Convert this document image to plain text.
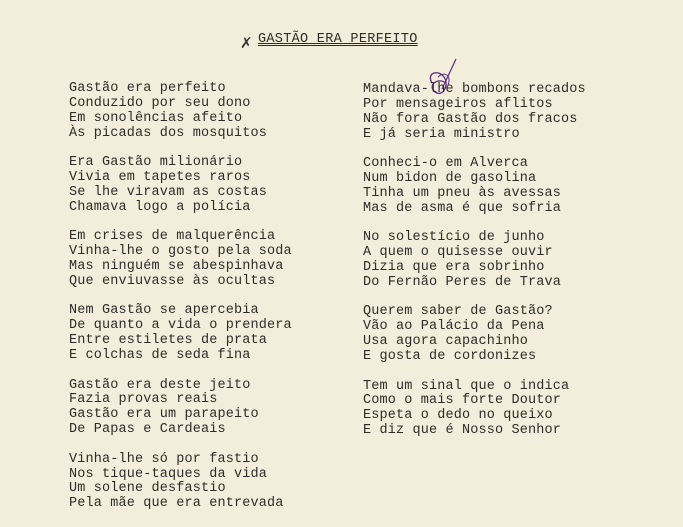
✗ GASTÃO ERA PERFEITO
Gastão era perfeito
Conduzido por seu dono
Em sonolências afeito
Às picadas dos mosquitos
Era Gastão milionário
Vivia em tapetes raros
Se lhe viravam as costas
Chamava logo a polícia
Em crises de malquerência
Vinha-lhe o gosto pela soda
Mas ninguém se abespinhava
Que enviuvasse às ocultas
Nem Gastão se apercebia
De quanto a vida o prendera
Entre estiletes de prata
E colchas de seda fina
Gastão era deste jeito
Fazia provas reais
Gastão era um parapeito
De Papas e Cardeais
Vinha-lhe só por fastio
Nos tique-taques da vida
Um solene desfastio
Pela mãe que era entrevada
Mandava-lhe bombons recados
Por mensageiros aflitos
Não fora Gastão dos fracos
E já seria ministro
Conheci-o em Alverca
Num bidon de gasolina
Tinha um pneu às avessas
Mas de asma é que sofria
No solestício de junho
A quem o quisesse ouvir
Dizia que era sobrinho
Do Fernão Peres de Trava
Querem saber de Gastão?
Vão ao Palácio da Pena
Usa agora capachinho
E gosta de cordonizes
Tem um sinal que o indica
Como o mais forte Doutor
Espeta o dedo no queixo
E diz que é Nosso Senhor
